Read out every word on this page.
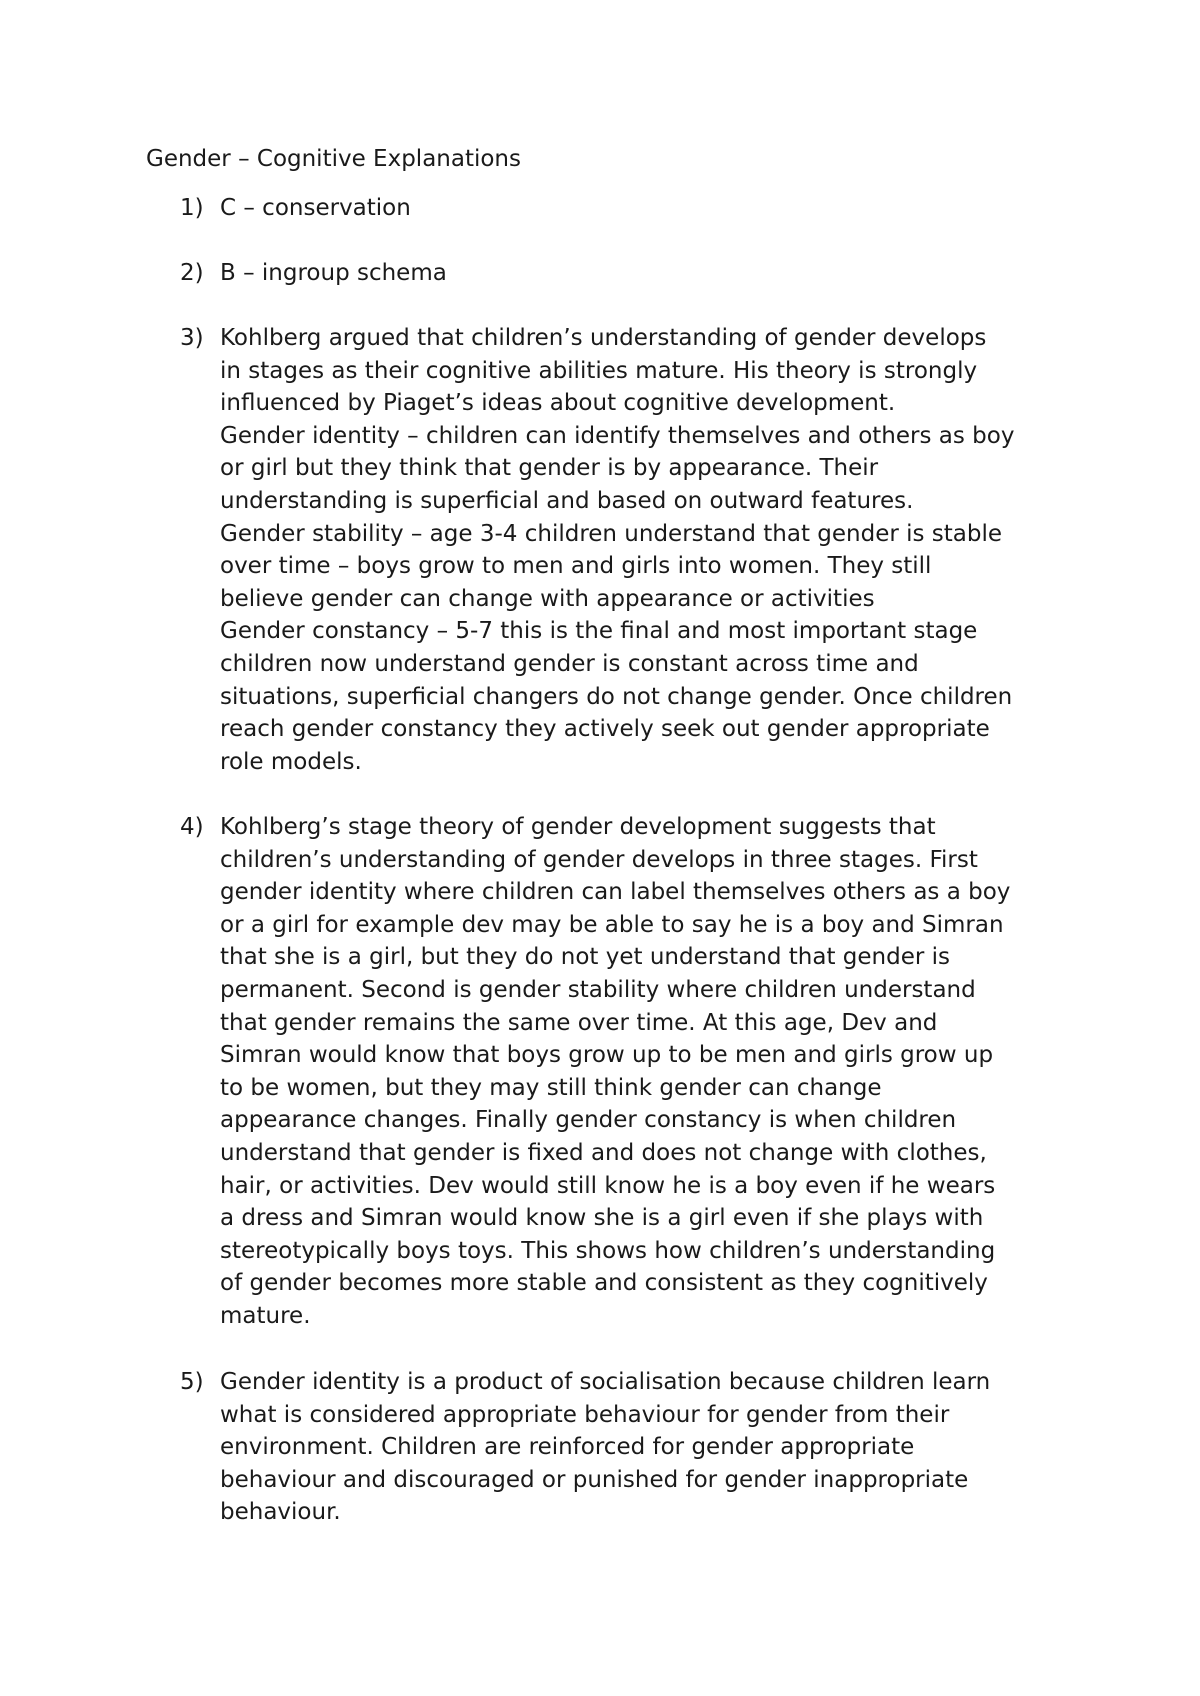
Gender – Cognitive Explanations
1) C – conservation
2) B – ingroup schema
3) Kohlberg argued that children’s understanding of gender develops
in stages as their cognitive abilities mature. His theory is strongly
influenced by Piaget’s ideas about cognitive development.
Gender identity – children can identify themselves and others as boy
or girl but they think that gender is by appearance. Their
understanding is superficial and based on outward features.
Gender stability – age 3-4 children understand that gender is stable
over time – boys grow to men and girls into women. They still
believe gender can change with appearance or activities
Gender constancy – 5-7 this is the final and most important stage
children now understand gender is constant across time and
situations, superficial changers do not change gender. Once children
reach gender constancy they actively seek out gender appropriate
role models.
4) Kohlberg’s stage theory of gender development suggests that
children’s understanding of gender develops in three stages. First
gender identity where children can label themselves others as a boy
or a girl for example dev may be able to say he is a boy and Simran
that she is a girl, but they do not yet understand that gender is
permanent. Second is gender stability where children understand
that gender remains the same over time. At this age, Dev and
Simran would know that boys grow up to be men and girls grow up
to be women, but they may still think gender can change
appearance changes. Finally gender constancy is when children
understand that gender is fixed and does not change with clothes,
hair, or activities. Dev would still know he is a boy even if he wears
a dress and Simran would know she is a girl even if she plays with
stereotypically boys toys. This shows how children’s understanding
of gender becomes more stable and consistent as they cognitively
mature.
5) Gender identity is a product of socialisation because children learn
what is considered appropriate behaviour for gender from their
environment. Children are reinforced for gender appropriate
behaviour and discouraged or punished for gender inappropriate
behaviour.
